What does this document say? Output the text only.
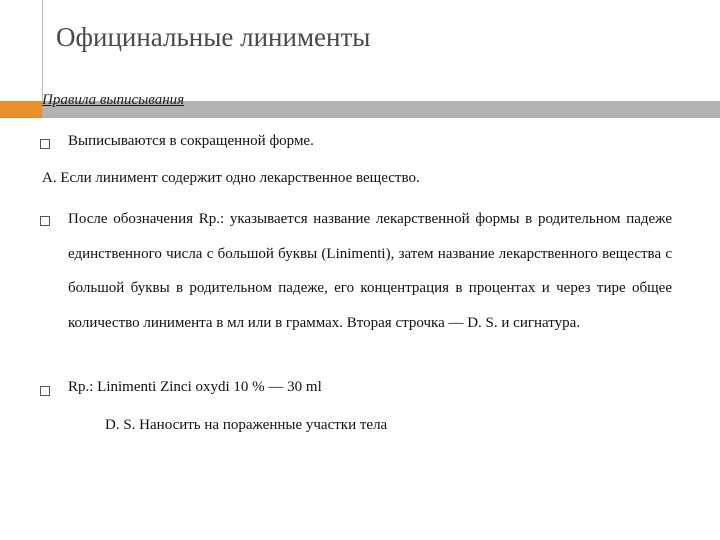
Официнальные линименты
Правила выписывания
Выписываются в сокращенной форме.
А. Если линимент содержит одно лекарственное вещество.
После обозначения Rp.: указывается название лекарственной формы в родительном падеже единственного числа с большой буквы (Linimenti), затем название лекарственного вещества с большой буквы в родительном падеже, его концентрация в процентах и через тире общее количество линимента в мл или в граммах. Вторая строчка — D. S. и сигнатура.
Rp.: Linimenti Zinci oxydi 10 % — 30 ml
D. S. Наносить на пораженные участки тела
